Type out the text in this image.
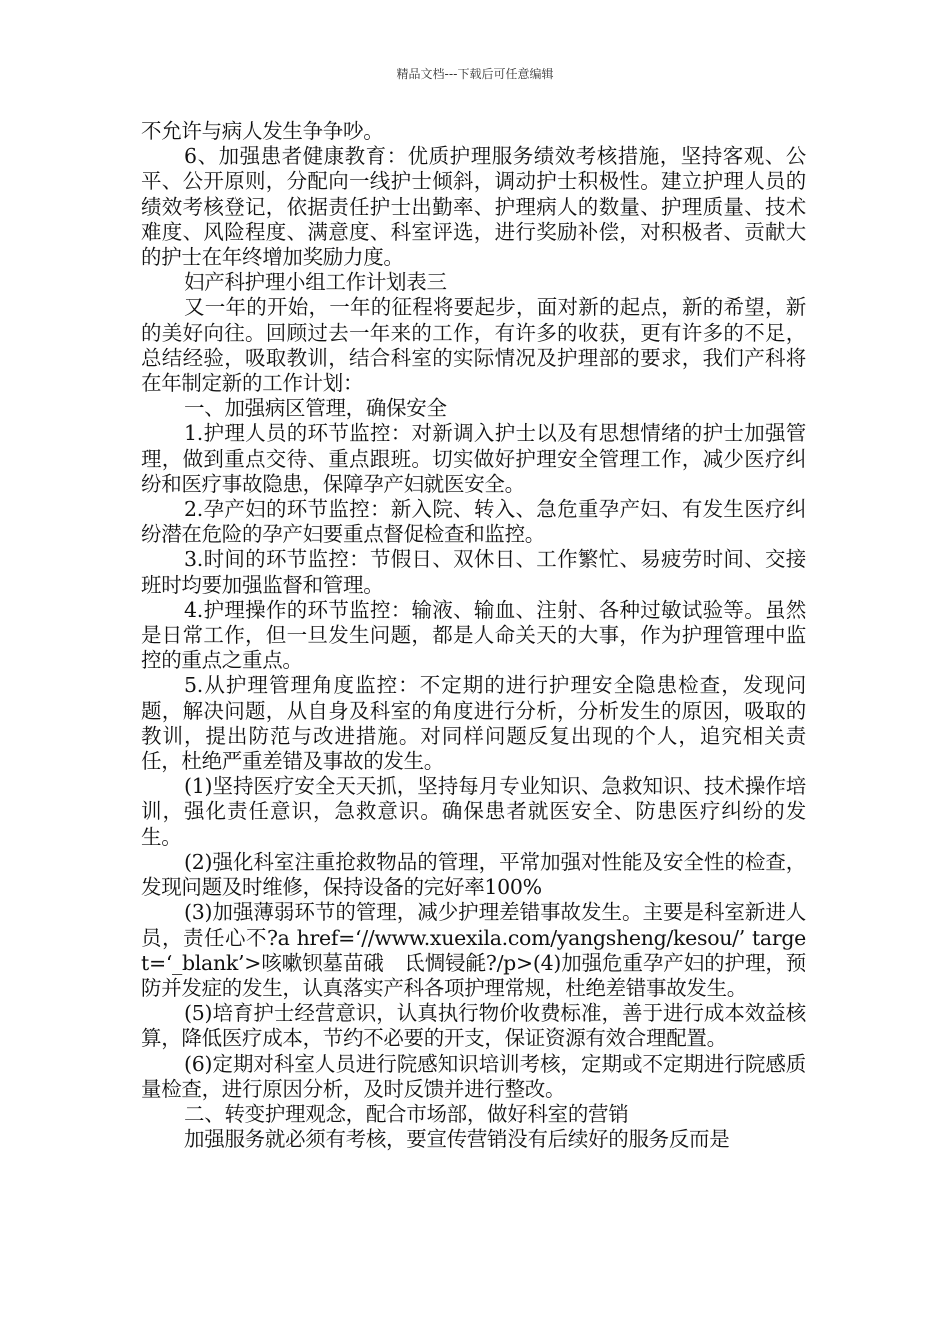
精品文档---下载后可任意编辑

不允许与病人发生争争吵。

6、加强患者健康教育：优质护理服务绩效考核措施，坚持客观、公平、公开原则，分配向一线护士倾斜，调动护士积极性。建立护理人员的绩效考核登记，依据责任护士出勤率、护理病人的数量、护理质量、技术难度、风险程度、满意度、科室评选，进行奖励补偿，对积极者、贡献大的护士在年终增加奖励力度。

妇产科护理小组工作计划表三

又一年的开始，一年的征程将要起步，面对新的起点，新的希望，新的美好向往。回顾过去一年来的工作，有许多的收获，更有许多的不足，总结经验，吸取教训，结合科室的实际情况及护理部的要求，我们产科将在年制定新的工作计划：

一、加强病区管理，确保安全

1.护理人员的环节监控：对新调入护士以及有思想情绪的护士加强管理，做到重点交待、重点跟班。切实做好护理安全管理工作，减少医疗纠纷和医疗事故隐患，保障孕产妇就医安全。

2.孕产妇的环节监控：新入院、转入、急危重孕产妇、有发生医疗纠纷潜在危险的孕产妇要重点督促检查和监控。

3.时间的环节监控：节假日、双休日、工作繁忙、易疲劳时间、交接班时均要加强监督和管理。

4.护理操作的环节监控：输液、输血、注射、各种过敏试验等。虽然是日常工作，但一旦发生问题，都是人命关天的大事，作为护理管理中监控的重点之重点。

5.从护理管理角度监控：不定期的进行护理安全隐患检查，发现问题，解决问题，从自身及科室的角度进行分析，分析发生的原因，吸取的教训，提出防范与改进措施。对同样问题反复出现的个人，追究相关责任，杜绝严重差错及事故的发生。

(1)坚持医疗安全天天抓，坚持每月专业知识、急救知识、技术操作培训，强化责任意识，急救意识。确保患者就医安全、防患医疗纠纷的发生。

(2)强化科室注重抢救物品的管理，平常加强对性能及安全性的检查，发现问题及时维修，保持设备的完好率100%

(3)加强薄弱环节的管理，减少护理差错事故发生。主要是科室新进人员，责任心不?a href=‘//www.xuexila.com/yangsheng/kesou/’ target=‘_blank’>咳嗽钡墓苗硪　氐惆锓毹?/p>(4)加强危重孕产妇的护理，预防并发症的发生，认真落实产科各项护理常规，杜绝差错事故发生。

(5)培育护士经营意识，认真执行物价收费标准，善于进行成本效益核算，降低医疗成本，节约不必要的开支，保证资源有效合理配置。

(6)定期对科室人员进行院感知识培训考核，定期或不定期进行院感质量检查，进行原因分析，及时反馈并进行整改。

二、转变护理观念，配合市场部，做好科室的营销

加强服务就必须有考核，要宣传营销没有后续好的服务反而是
